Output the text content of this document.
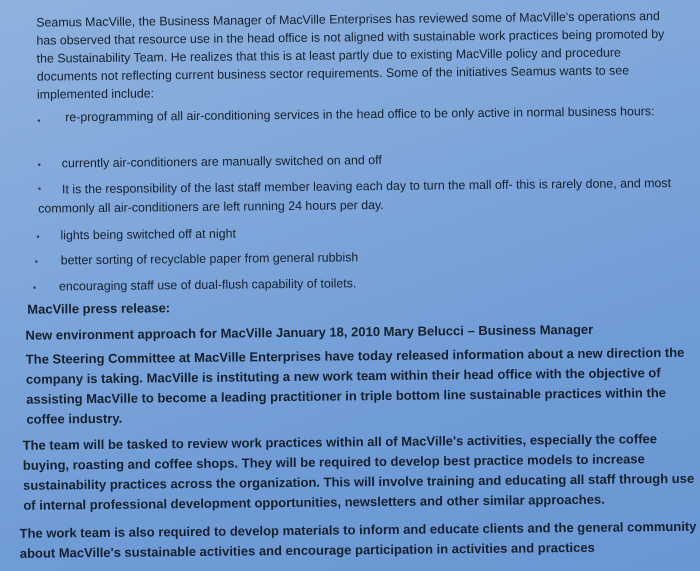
Seamus MacVille, the Business Manager of MacVille Enterprises has reviewed some of MacVille's operations and has observed that resource use in the head office is not aligned with sustainable work practices being promoted by the Sustainability Team. He realizes that this is at least partly due to existing MacVille policy and procedure documents not reflecting current business sector requirements. Some of the initiatives Seamus wants to see implemented include:

•	re-programming of all air-conditioning services in the head office to be only active in normal business hours:

• currently air-conditioners are manually switched on and off

•	It is the responsibility of the last staff member leaving each day to turn the mall off- this is rarely done, and most commonly all air-conditioners are left running 24 hours per day.

• lights being switched off at night

• better sorting of recyclable paper from general rubbish

• encouraging staff use of dual-flush capability of toilets.

MacVille press release:

New environment approach for MacVille January 18, 2010 Mary Belucci – Business Manager

The Steering Committee at MacVille Enterprises have today released information about a new direction the company is taking. MacVille is instituting a new work team within their head office with the objective of assisting MacVille to become a leading practitioner in triple bottom line sustainable practices within the coffee industry.

The team will be tasked to review work practices within all of MacVille's activities, especially the coffee buying, roasting and coffee shops. They will be required to develop best practice models to increase sustainability practices across the organization. This will involve training and educating all staff through use of internal professional development opportunities, newsletters and other similar approaches.

The work team is also required to develop materials to inform and educate clients and the general community about MacVille's sustainable activities and encourage participation in activities and practices
